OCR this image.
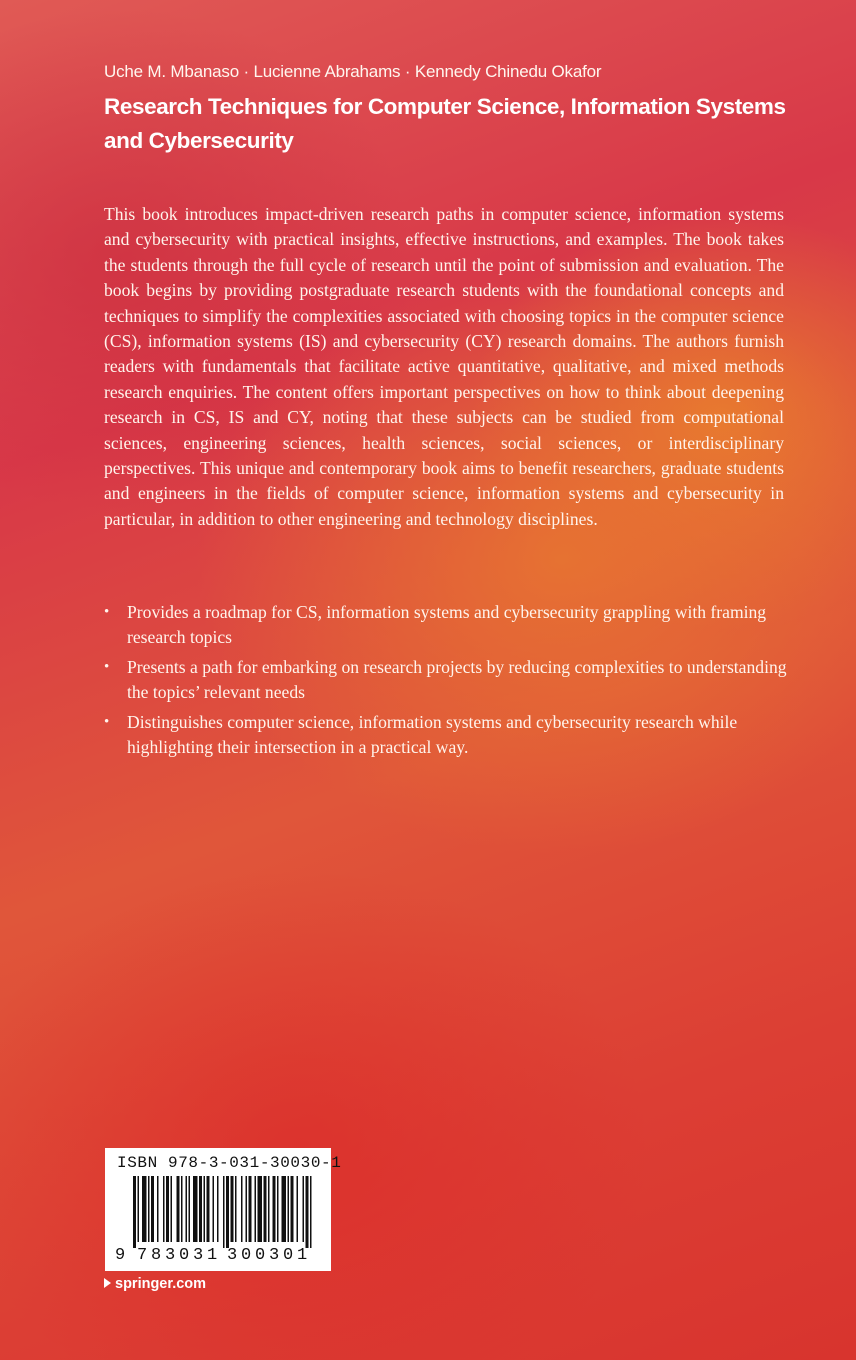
Uche M. Mbanaso · Lucienne Abrahams · Kennedy Chinedu Okafor
Research Techniques for Computer Science, Information Systems and Cybersecurity

This book introduces impact-driven research paths in computer science, information systems and cybersecurity with practical insights, effective instructions, and examples. The book takes the students through the full cycle of research until the point of submission and evaluation. The book begins by providing postgraduate research students with the foundational concepts and techniques to simplify the complexities associated with choosing topics in the computer science (CS), information systems (IS) and cybersecurity (CY) research domains. The authors furnish readers with fundamentals that facilitate active quantitative, qualitative, and mixed methods research enquiries. The content offers important perspectives on how to think about deepening research in CS, IS and CY, noting that these subjects can be studied from computational sciences, engineering sciences, health sciences, social sciences, or interdisciplinary perspectives. This unique and contemporary book aims to benefit researchers, graduate students and engineers in the fields of computer science, information systems and cybersecurity in particular, in addition to other engineering and technology disciplines.

• Provides a roadmap for CS, information systems and cybersecurity grappling with framing research topics
• Presents a path for embarking on research projects by reducing complexities to understanding the topics’ relevant needs
• Distinguishes computer science, information systems and cybersecurity research while highlighting their intersection in a practical way.
ISBN 978-3-031-30030-1
9 7 8 3 0 3 1 3 0 0 3 0 1
springer.com
